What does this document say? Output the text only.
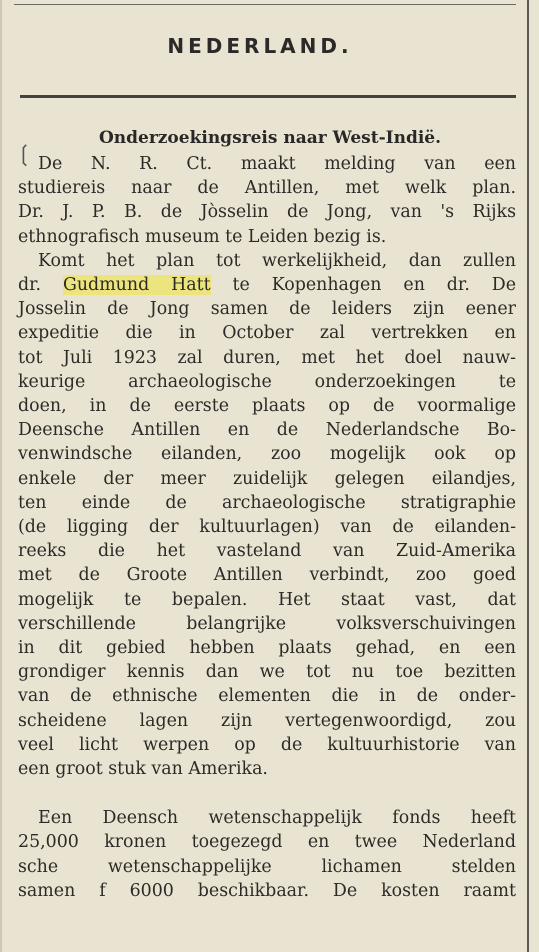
NEDERLAND.
Onderzoekingsreis naar West-Indië.
❲ De N. R. Ct. maakt melding van een
studiereis naar de Antillen, met welk plan.
Dr. J. P. B. de Jòsselin de Jong, van 's Rijks
ethnografisch museum te Leiden bezig is.
Komt het plan tot werkelijkheid, dan zullen
dr. Gudmund Hatt te Kopenhagen en dr. De
Josselin de Jong samen de leiders zijn eener
expeditie die in October zal vertrekken en
tot Juli 1923 zal duren, met het doel nauw-
keurige archaeologische onderzoekingen te
doen, in de eerste plaats op de voormalige
Deensche Antillen en de Nederlandsche Bo-
venwindsche eilanden, zoo mogelijk ook op
enkele der meer zuidelijk gelegen eilandjes,
ten einde de archaeologische stratigraphie
(de ligging der kultuurlagen) van de eilanden-
reeks die het vasteland van Zuid-Amerika
met de Groote Antillen verbindt, zoo goed
mogelijk te bepalen. Het staat vast, dat
verschillende belangrijke volksverschuivingen
in dit gebied hebben plaats gehad, en een
grondiger kennis dan we tot nu toe bezitten
van de ethnische elementen die in de onder-
scheidene lagen zijn vertegenwoordigd, zou
veel licht werpen op de kultuurhistorie van
een groot stuk van Amerika.
Een Deensch wetenschappelijk fonds heeft
25,000 kronen toegezegd en twee Nederland
sche wetenschappelijke lichamen stelden
samen f 6000 beschikbaar. De kosten raamt
